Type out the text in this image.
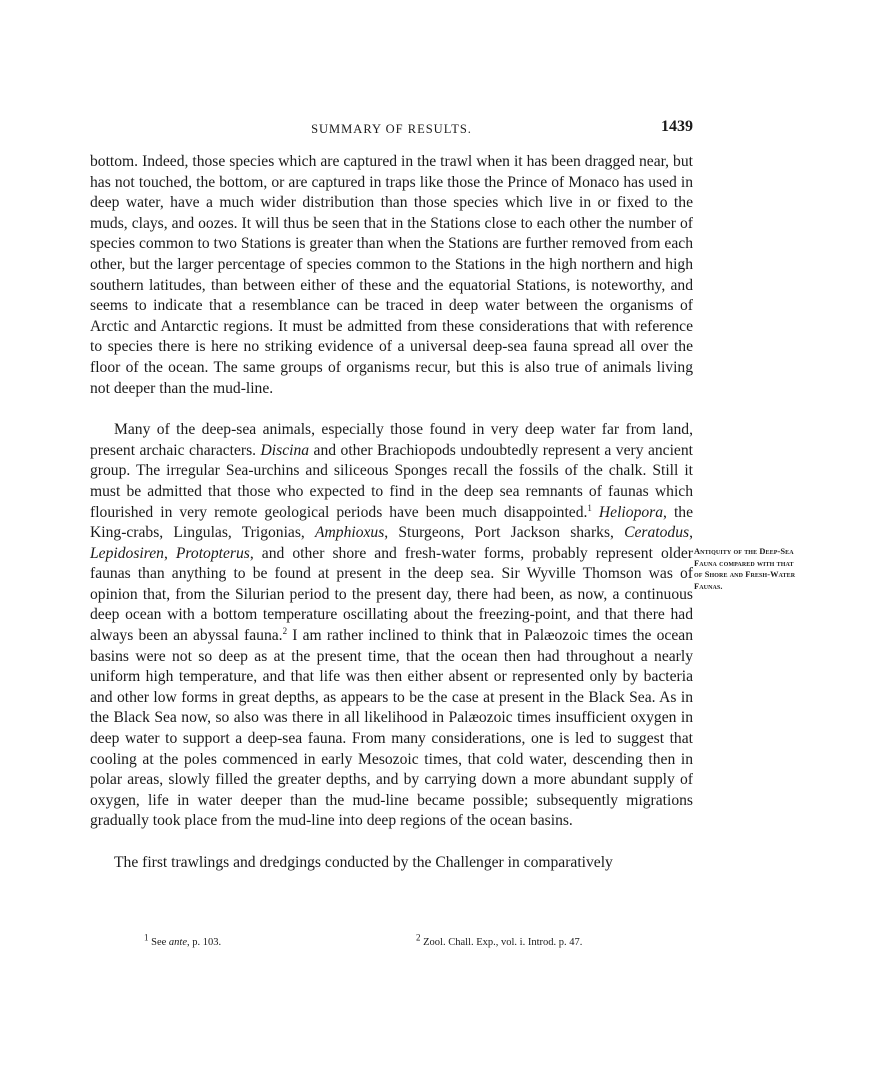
SUMMARY OF RESULTS.	1439

bottom. Indeed, those species which are captured in the trawl when it has been dragged near, but has not touched, the bottom, or are captured in traps like those the Prince of Monaco has used in deep water, have a much wider distribution than those species which live in or fixed to the muds, clays, and oozes. It will thus be seen that in the Stations close to each other the number of species common to two Stations is greater than when the Stations are further removed from each other, but the larger percentage of species common to the Stations in the high northern and high southern latitudes, than between either of these and the equatorial Stations, is noteworthy, and seems to indicate that a resemblance can be traced in deep water between the organisms of Arctic and Antarctic regions. It must be admitted from these considerations that with reference to species there is here no striking evidence of a universal deep-sea fauna spread all over the floor of the ocean. The same groups of organisms recur, but this is also true of animals living not deeper than the mud-line.

Many of the deep-sea animals, especially those found in very deep water far from land, present archaic characters. Discina and other Brachiopods undoubtedly represent a very ancient group. The irregular Sea-urchins and siliceous Sponges recall the fossils of the chalk. Still it must be admitted that those who expected to find in the deep sea remnants of faunas which flourished in very remote geological periods have been much disappointed.$^1$ Heliopora, the King-crabs, Lingulas, Trigonias, Amphioxus, Sturgeons, Port Jackson sharks, Ceratodus, Lepidosiren, Protopterus, and other shore and fresh-water forms, probably represent older faunas than anything to be found at present in the deep sea. Sir Wyville Thomson was of opinion that, from the Silurian period to the present day, there had been, as now, a continuous deep ocean with a bottom temperature oscillating about the freezing-point, and that there had always been an abyssal fauna.$^2$ I am rather inclined to think that in Palæozoic times the ocean basins were not so deep as at the present time, that the ocean then had throughout a nearly uniform high temperature, and that life was then either absent or represented only by bacteria and other low forms in great depths, as appears to be the case at present in the Black Sea. As in the Black Sea now, so also was there in all likelihood in Palæozoic times insufficient oxygen in deep water to support a deep-sea fauna. From many considerations, one is led to suggest that cooling at the poles commenced in early Mesozoic times, that cold water, descending then in polar areas, slowly filled the greater depths, and by carrying down a more abundant supply of oxygen, life in water deeper than the mud-line became possible; subsequently migrations gradually took place from the mud-line into deep regions of the ocean basins.

The first trawlings and dredgings conducted by the Challenger in comparatively

Antiquity of the Deep-Sea Fauna compared with that of Shore and Fresh-Water Faunas.
$^1$ See ante, p. 103.	$^2$ Zool. Chall. Exp., vol. i. Introd. p. 47.
